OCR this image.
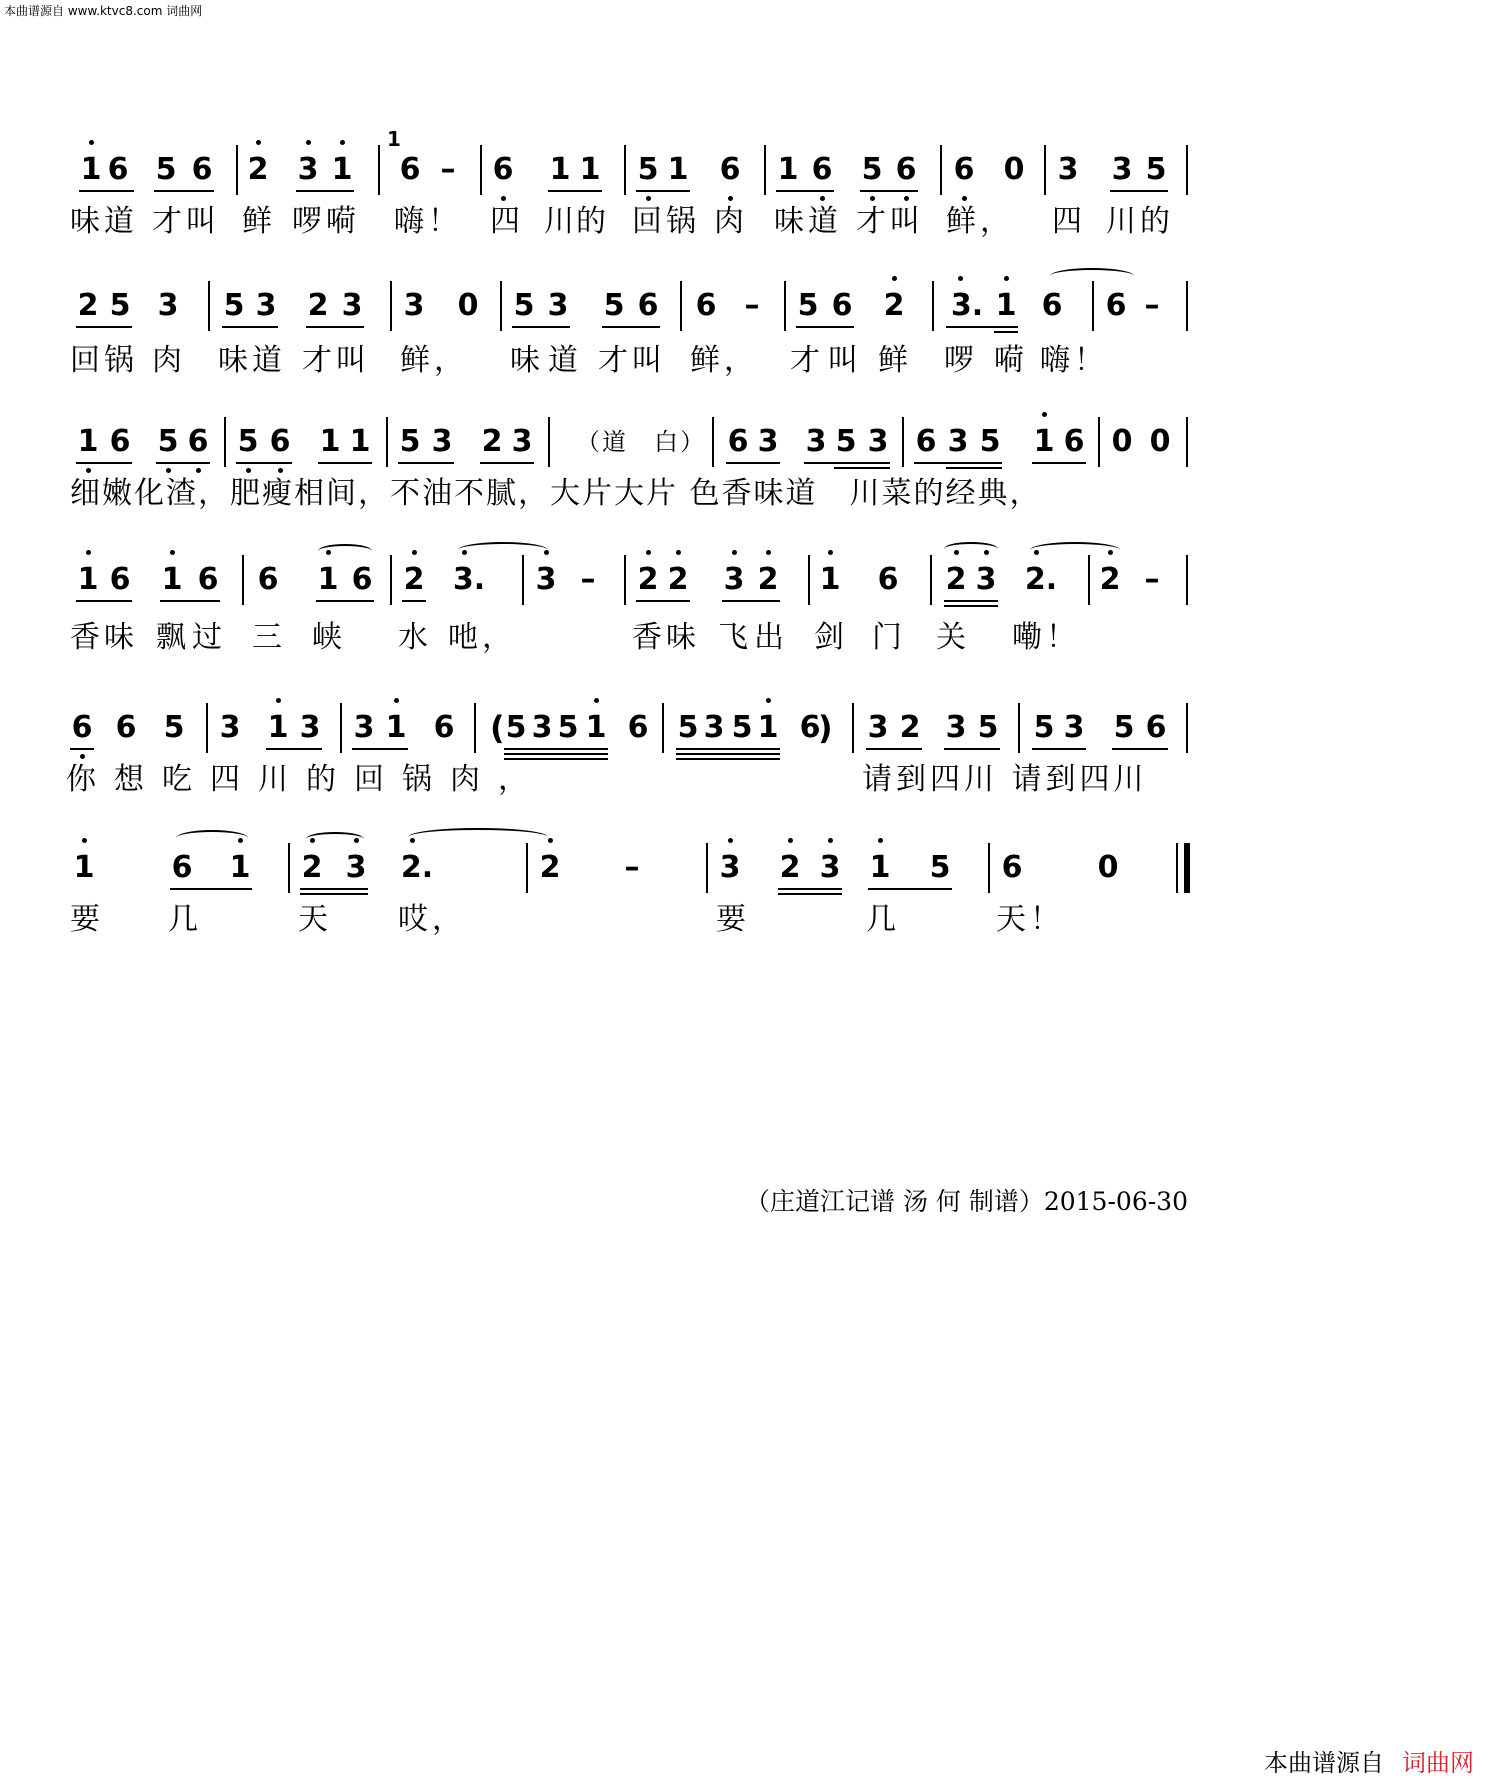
本曲谱源自 www.ktvc8.com 词曲网
1 6 5 6 2 3 1
1
6 – 6 1 1 5 1 6 1 6 5 6 6 0 3 3 5
味 道 才 叫 鲜 啰 嗬 嗨！ 四 川
的 回 锅 肉 味 道 才 叫 鲜， 四 川 的
2 5 3 5 3 2 3 3 0 5 3 5 6 6 – 5 6 2 3. 1 6 6 –
回 锅 肉 味 道 才 叫 鲜， 味 道 才 叫 鲜， 才 叫 鲜 啰 嗬 嗨！
1 6 5 6 5 6 1 1 5 3 2 3 （道　白） 6 3 3 5 3 6 3 5 1 6 0 0
细嫩化渣，肥瘦相间，不油不腻，大片大片 色香味道　川菜的经典，
1 6 1 6 6 1 6 2 3. 3 – 2 2 3 2 1 6 2 3 2. 2 –
香 味 飘 过 三 峡 水 吔，	香 味 飞 出 剑 门 关 嘞！
6 6 5 3 1 3 3 1 6 ( 5 3 5 1 6 5 3 5 1 6
) 3 2 3 5 5 3 5 6
你想吃四川的回锅肉，	请到四川 请到四川
1	6 1 2 3 2.	2 –	3 2 3 1 5 6	0
要 几	天 哎，	要	几	天！
（庄道江记谱 汤 何 制谱）2015-06-30
本曲谱源自 词曲网
